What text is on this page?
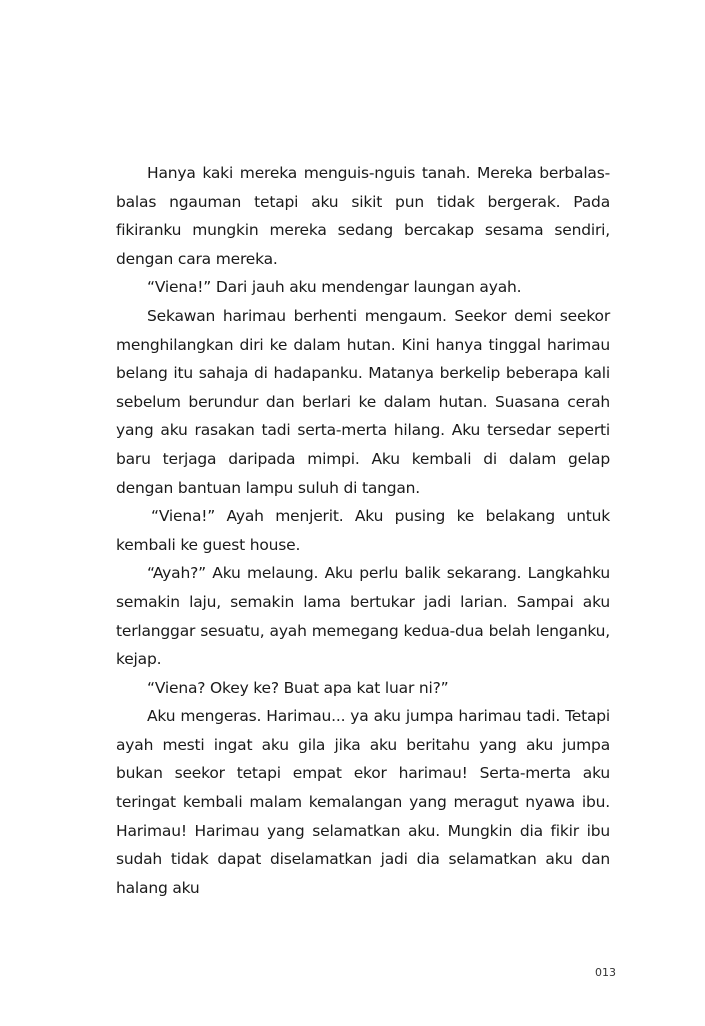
Hanya kaki mereka menguis-nguis tanah. Mereka berbalas-balas ngauman tetapi aku sikit pun tidak bergerak. Pada fikiranku mungkin mereka sedang bercakap sesama sendiri, dengan cara mereka.

“Viena!” Dari jauh aku mendengar laungan ayah.

Sekawan harimau berhenti mengaum. Seekor demi seekor menghilangkan diri ke dalam hutan. Kini hanya tinggal harimau belang itu sahaja di hadapanku. Matanya berkelip beberapa kali sebelum berundur dan berlari ke dalam hutan. Suasana cerah yang aku rasakan tadi serta-merta hilang. Aku tersedar seperti baru terjaga daripada mimpi. Aku kembali di dalam gelap dengan bantuan lampu suluh di tangan.

“Viena!” Ayah menjerit. Aku pusing ke belakang untuk kembali ke guest house.

“Ayah?” Aku melaung. Aku perlu balik sekarang. Langkahku semakin laju, semakin lama bertukar jadi larian. Sampai aku terlanggar sesuatu, ayah memegang kedua-dua belah lenganku, kejap.

“Viena? Okey ke? Buat apa kat luar ni?”

Aku mengeras. Harimau... ya aku jumpa harimau tadi. Tetapi ayah mesti ingat aku gila jika aku beritahu yang aku jumpa bukan seekor tetapi empat ekor harimau! Serta-merta aku teringat kembali malam kemalangan yang meragut nyawa ibu. Harimau! Harimau yang selamatkan aku. Mungkin dia fikir ibu sudah tidak dapat diselamatkan jadi dia selamatkan aku dan halang aku

013
